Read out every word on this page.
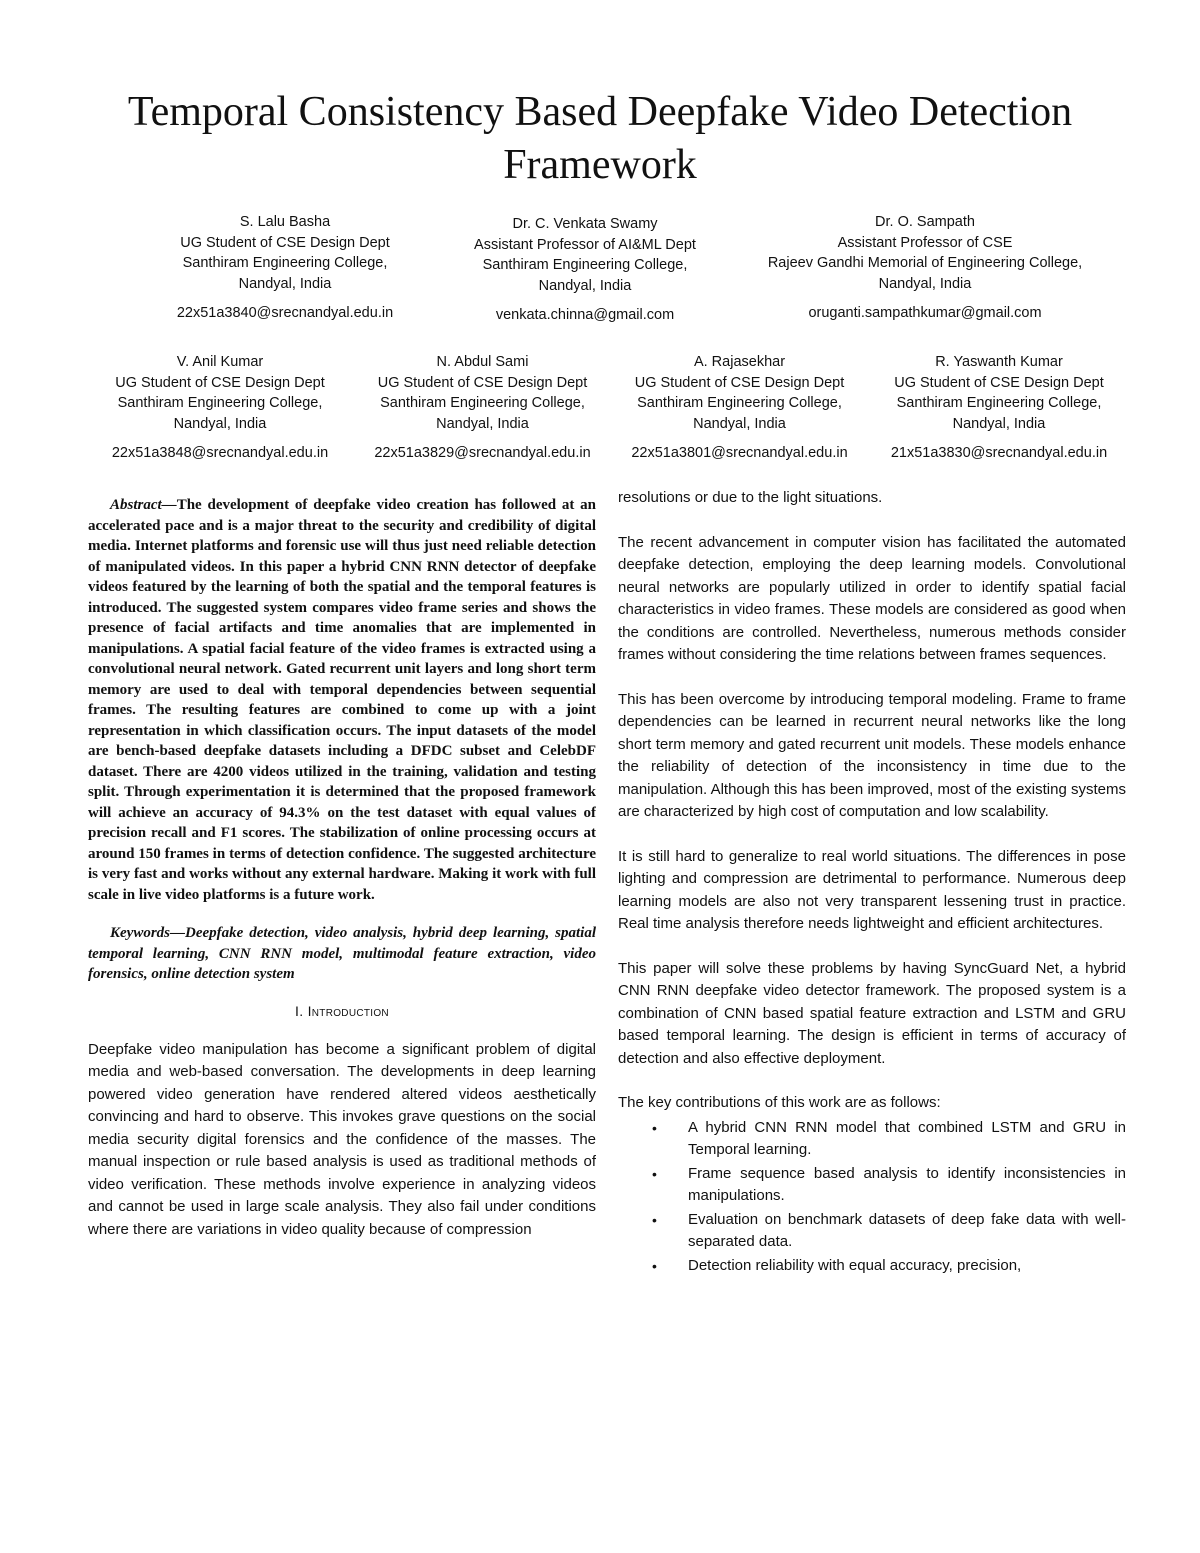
Temporal Consistency Based Deepfake Video Detection Framework
S. Lalu Basha
UG Student of CSE Design Dept
Santhiram Engineering College,
Nandyal, India
22x51a3840@srecnandyal.edu.in
Dr. C. Venkata Swamy
Assistant Professor of AI&ML Dept
Santhiram Engineering College,
Nandyal, India
venkata.chinna@gmail.com
Dr. O. Sampath
Assistant Professor of CSE
Rajeev Gandhi Memorial of Engineering College,
Nandyal, India
oruganti.sampathkumar@gmail.com
V. Anil Kumar
UG Student of CSE Design Dept
Santhiram Engineering College,
Nandyal, India
22x51a3848@srecnandyal.edu.in
N. Abdul Sami
UG Student of CSE Design Dept
Santhiram Engineering College,
Nandyal, India
22x51a3829@srecnandyal.edu.in
A. Rajasekhar
UG Student of CSE Design Dept
Santhiram Engineering College,
Nandyal, India
22x51a3801@srecnandyal.edu.in
R. Yaswanth Kumar
UG Student of CSE Design Dept
Santhiram Engineering College,
Nandyal, India
21x51a3830@srecnandyal.edu.in

Abstract—The development of deepfake video creation has followed at an accelerated pace and is a major threat to the security and credibility of digital media. Internet platforms and forensic use will thus just need reliable detection of manipulated videos. In this paper a hybrid CNN RNN detector of deepfake videos featured by the learning of both the spatial and the temporal features is introduced. The suggested system compares video frame series and shows the presence of facial artifacts and time anomalies that are implemented in manipulations. A spatial facial feature of the video frames is extracted using a convolutional neural network. Gated recurrent unit layers and long short term memory are used to deal with temporal dependencies between sequential frames. The resulting features are combined to come up with a joint representation in which classification occurs. The input datasets of the model are bench-based deepfake datasets including a DFDC subset and CelebDF dataset. There are 4200 videos utilized in the training, validation and testing split. Through experimentation it is determined that the proposed framework will achieve an accuracy of 94.3% on the test dataset with equal values of precision recall and F1 scores. The stabilization of online processing occurs at around 150 frames in terms of detection confidence. The suggested architecture is very fast and works without any external hardware. Making it work with full scale in live video platforms is a future work.

Keywords—Deepfake detection, video analysis, hybrid deep learning, spatial temporal learning, CNN RNN model, multimodal feature extraction, video forensics, online detection system

I. Introduction

Deepfake video manipulation has become a significant problem of digital media and web-based conversation. The developments in deep learning powered video generation have rendered altered videos aesthetically convincing and hard to observe. This invokes grave questions on the social media security digital forensics and the confidence of the masses. The manual inspection or rule based analysis is used as traditional methods of video verification. These methods involve experience in analyzing videos and cannot be used in large scale analysis. They also fail under conditions where there are variations in video quality because of compression

resolutions or due to the light situations.

The recent advancement in computer vision has facilitated the automated deepfake detection, employing the deep learning models. Convolutional neural networks are popularly utilized in order to identify spatial facial characteristics in video frames. These models are considered as good when the conditions are controlled. Nevertheless, numerous methods consider frames without considering the time relations between frames sequences.

This has been overcome by introducing temporal modeling. Frame to frame dependencies can be learned in recurrent neural networks like the long short term memory and gated recurrent unit models. These models enhance the reliability of detection of the inconsistency in time due to the manipulation. Although this has been improved, most of the existing systems are characterized by high cost of computation and low scalability.

It is still hard to generalize to real world situations. The differences in pose lighting and compression are detrimental to performance. Numerous deep learning models are also not very transparent lessening trust in practice. Real time analysis therefore needs lightweight and efficient architectures.

This paper will solve these problems by having SyncGuard Net, a hybrid CNN RNN deepfake video detector framework. The proposed system is a combination of CNN based spatial feature extraction and LSTM and GRU based temporal learning. The design is efficient in terms of accuracy of detection and also effective deployment.

The key contributions of this work are as follows:

• A hybrid CNN RNN model that combined LSTM and GRU in Temporal learning.
• Frame sequence based analysis to identify inconsistencies in manipulations.
• Evaluation on benchmark datasets of deep fake data with well-separated data.
• Detection reliability with equal accuracy, precision,
